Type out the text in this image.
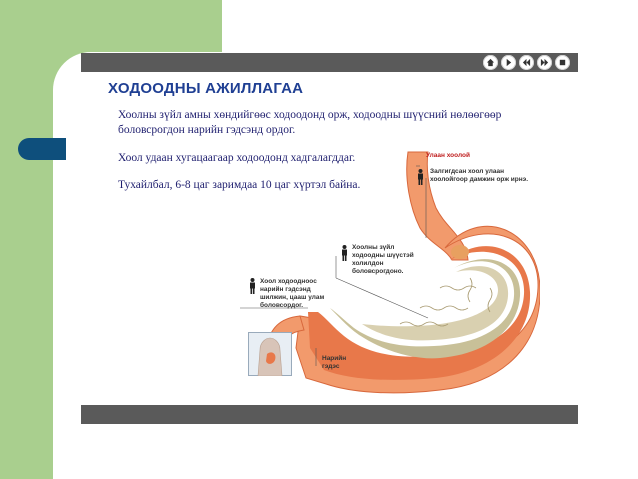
ХОДООДНЫ АЖИЛЛАГАА

Хоолны зүйл амны хөндийгөөс ходоодонд орж, ходоодны шүүсний нөлөөгөөр боловсрогдон нарийн гэдсэнд ордог.

Хоол удаан хугацаагаар ходоодонд хадгалагддаг.

Тухайлбал, 6-8 цаг заримдаа 10 цаг хүртэл байна.

Улаан хоолой

Залгигдсан хоол улаан хоолойгоор дамжин орж ирнэ.

Хоолны зүйл ходоодны шүүстэй холилдон боловсрогдоно.

Хоол ходоодноос нарийн гэдсэнд шилжин, цааш улам боловсордог.

Нарийн гэдэс
